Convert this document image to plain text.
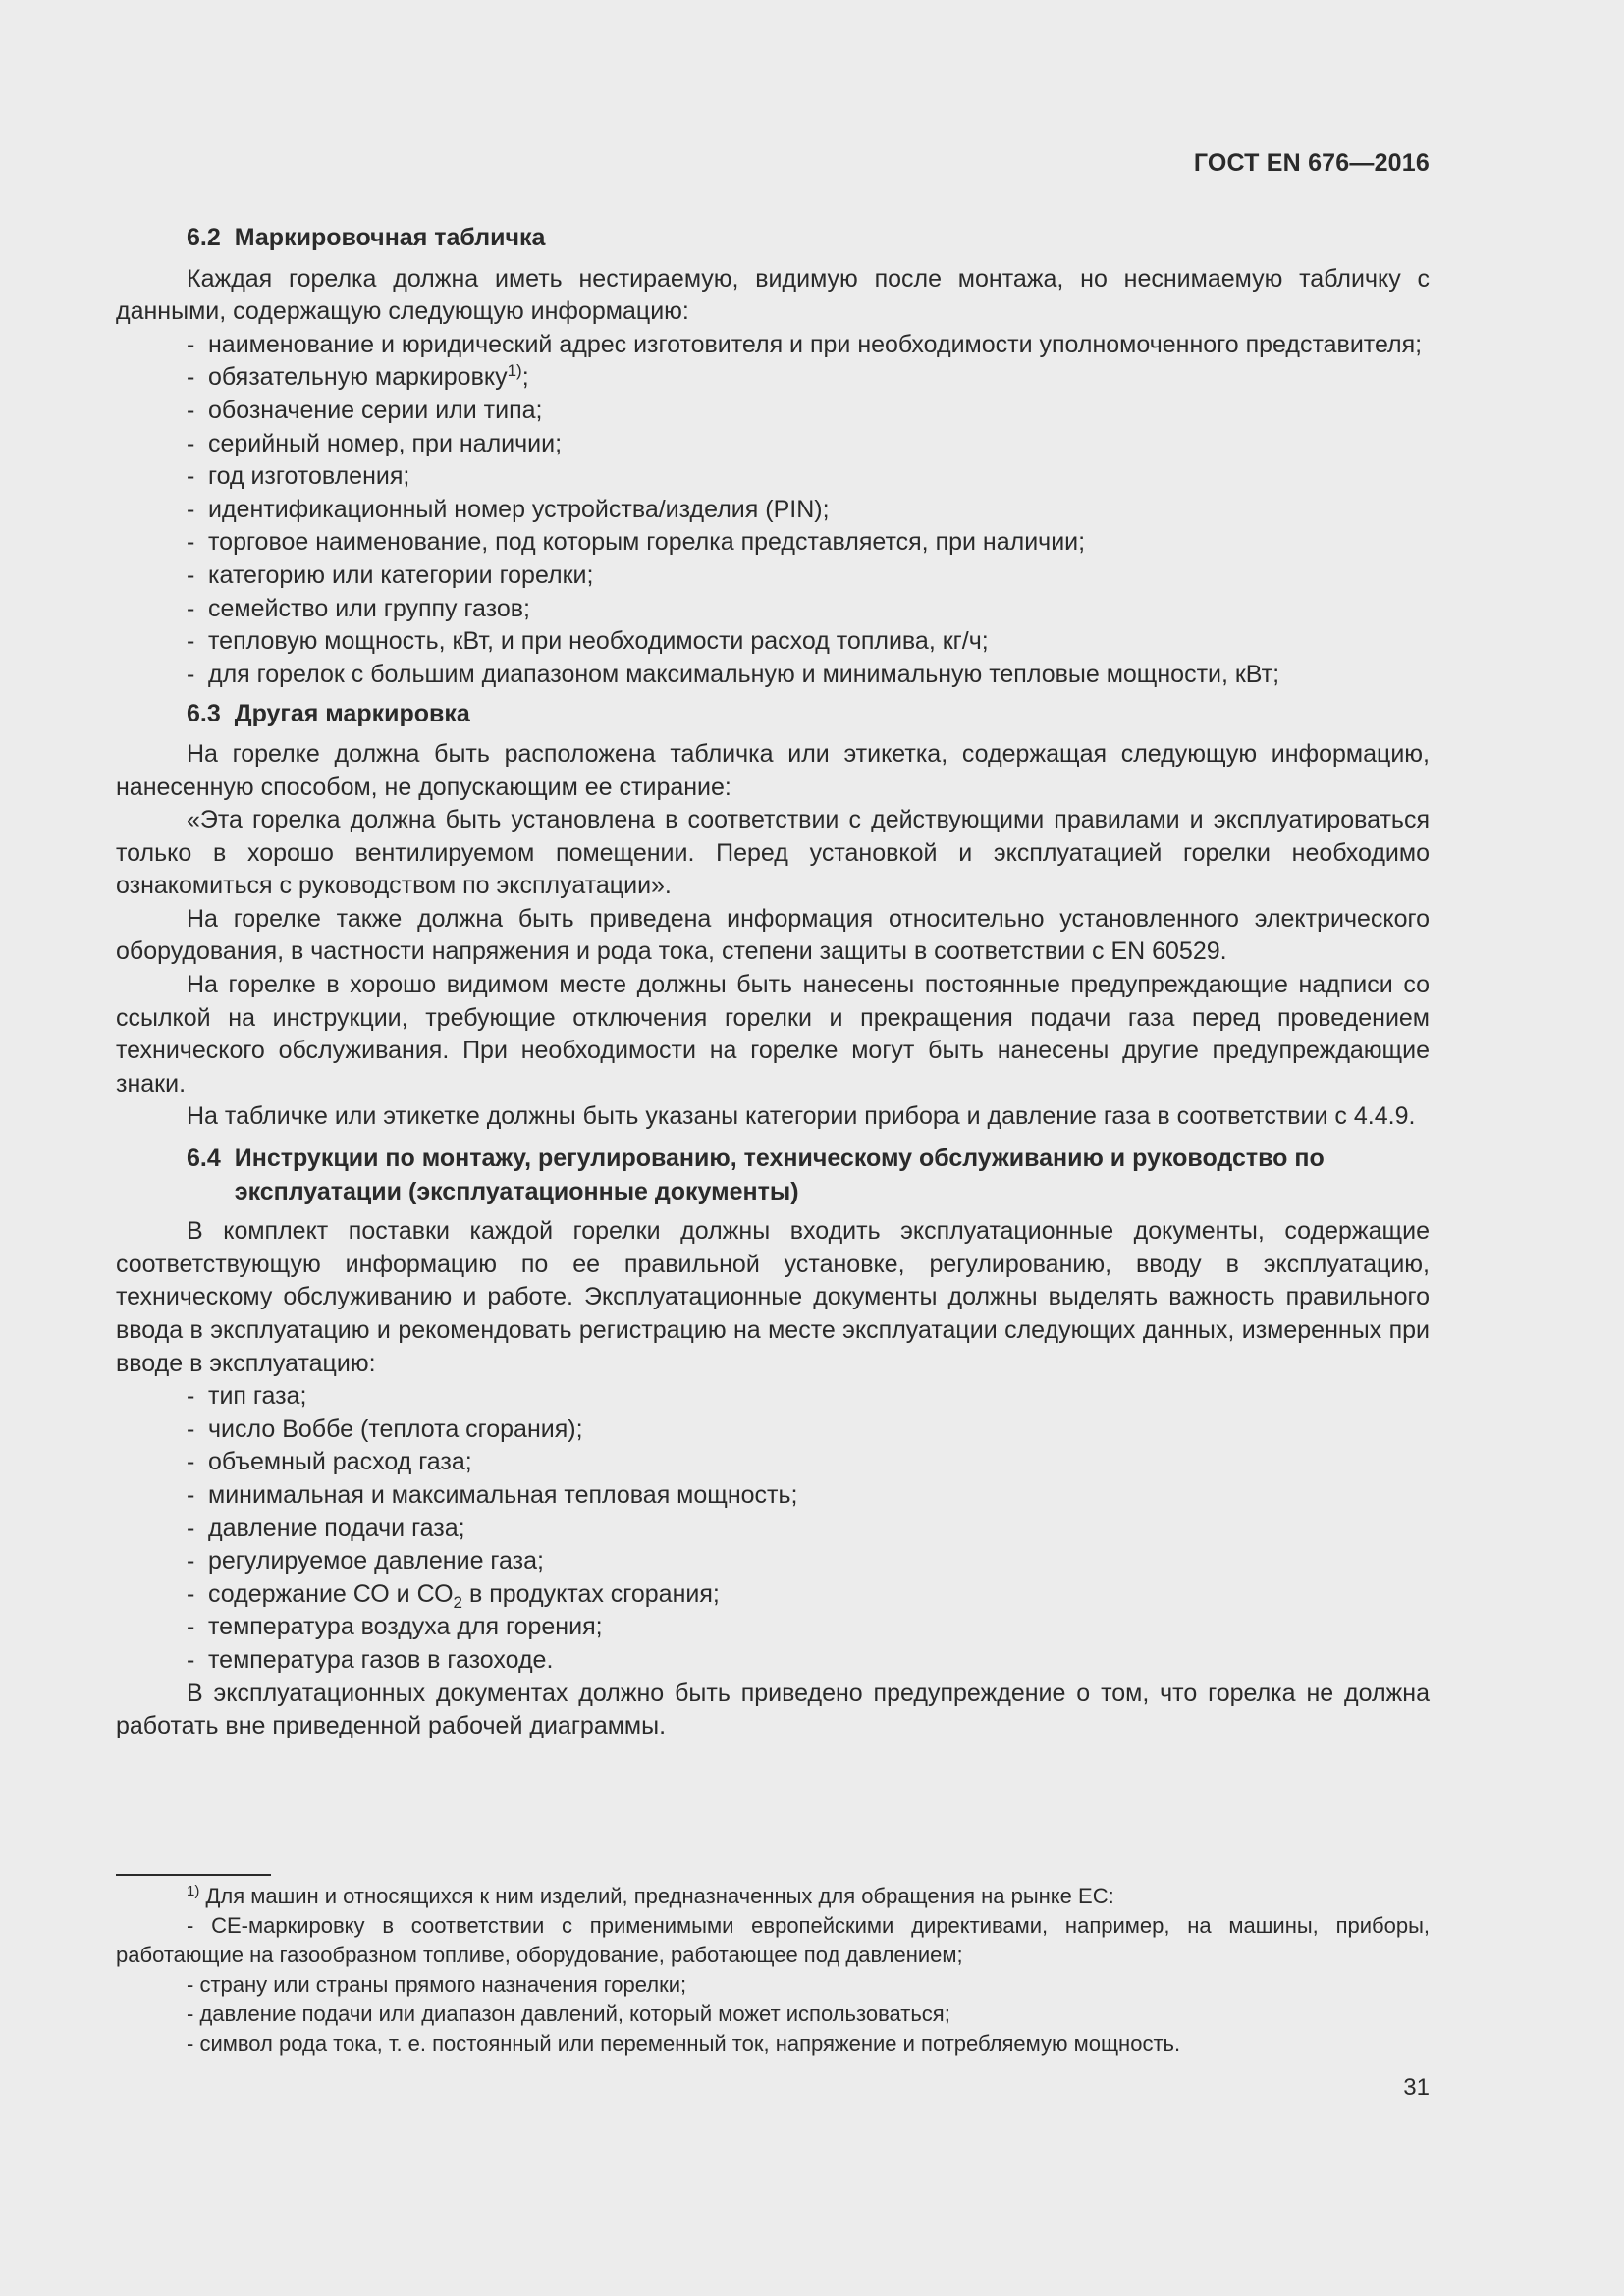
ГОСТ EN 676—2016
6.2 Маркировочная табличка

Каждая горелка должна иметь нестираемую, видимую после монтажа, но неснимаемую табличку с данными, содержащую следующую информацию:

- наименование и юридический адрес изготовителя и при необходимости уполномоченного представителя;
- обязательную маркировку$^{1)}$;
- обозначение серии или типа;
- серийный номер, при наличии;
- год изготовления;
- идентификационный номер устройства/изделия (PIN);
- торговое наименование, под которым горелка представляется, при наличии;
- категорию или категории горелки;
- семейство или группу газов;
- тепловую мощность, кВт, и при необходимости расход топлива, кг/ч;
- для горелок с большим диапазоном максимальную и минимальную тепловые мощности, кВт;
6.3 Другая маркировка

На горелке должна быть расположена табличка или этикетка, содержащая следующую информацию, нанесенную способом, не допускающим ее стирание:

«Эта горелка должна быть установлена в соответствии с действующими правилами и эксплуатироваться только в хорошо вентилируемом помещении. Перед установкой и эксплуатацией горелки необходимо ознакомиться с руководством по эксплуатации».

На горелке также должна быть приведена информация относительно установленного электрического оборудования, в частности напряжения и рода тока, степени защиты в соответствии с EN 60529.

На горелке в хорошо видимом месте должны быть нанесены постоянные предупреждающие надписи со ссылкой на инструкции, требующие отключения горелки и прекращения подачи газа перед проведением технического обслуживания. При необходимости на горелке могут быть нанесены другие предупреждающие знаки.

На табличке или этикетке должны быть указаны категории прибора и давление газа в соответствии с 4.4.9.

6.4 Инструкции по монтажу, регулированию, техническому обслуживанию и руководство по эксплуатации (эксплуатационные документы)

В комплект поставки каждой горелки должны входить эксплуатационные документы, содержащие соответствующую информацию по ее правильной установке, регулированию, вводу в эксплуатацию, техническому обслуживанию и работе. Эксплуатационные документы должны выделять важность правильного ввода в эксплуатацию и рекомендовать регистрацию на месте эксплуатации следующих данных, измеренных при вводе в эксплуатацию:

- тип газа;
- число Воббе (теплота сгорания);
- объемный расход газа;
- минимальная и максимальная тепловая мощность;
- давление подачи газа;
- регулируемое давление газа;
- содержание СО и $СО_2$ в продуктах сгорания;
- температура воздуха для горения;
- температура газов в газоходе.

В эксплуатационных документах должно быть приведено предупреждение о том, что горелка не должна работать вне приведенной рабочей диаграммы.

$^{1)}$ Для машин и относящихся к ним изделий, предназначенных для обращения на рынке ЕС:

- СЕ-маркировку в соответствии с применимыми европейскими директивами, например, на машины, приборы, работающие на газообразном топливе, оборудование, работающее под давлением;

- страну или страны прямого назначения горелки;

- давление подачи или диапазон давлений, который может использоваться;

- символ рода тока, т. е. постоянный или переменный ток, напряжение и потребляемую мощность.

31
